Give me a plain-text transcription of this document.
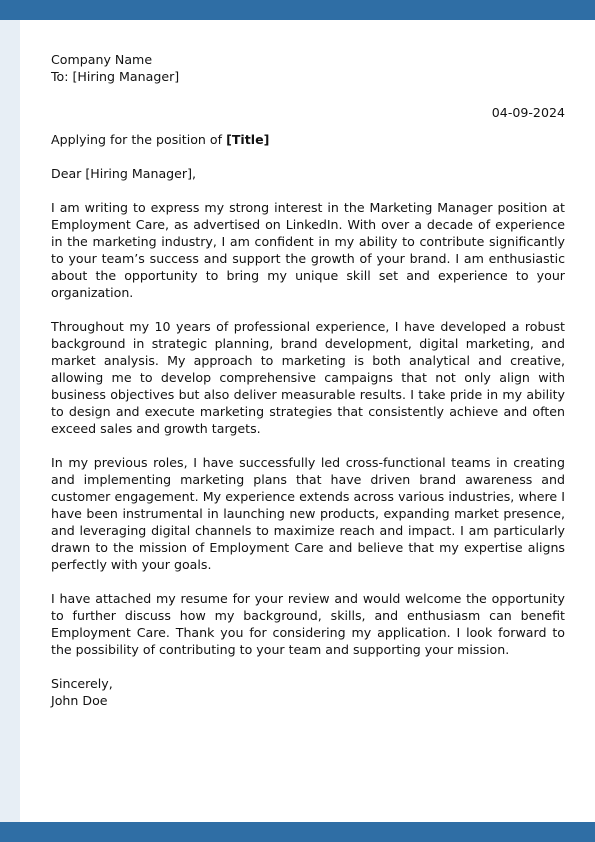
Company Name

To: [Hiring Manager]

04-09-2024

Applying for the position of [Title]

Dear [Hiring Manager],

I am writing to express my strong interest in the Marketing Manager position at Employment Care, as advertised on LinkedIn. With over a decade of experience in the marketing industry, I am confident in my ability to contribute significantly to your team’s success and support the growth of your brand. I am enthusiastic about the opportunity to bring my unique skill set and experience to your organization.

Throughout my 10 years of professional experience, I have developed a robust background in strategic planning, brand development, digital marketing, and market analysis. My approach to marketing is both analytical and creative, allowing me to develop comprehensive campaigns that not only align with business objectives but also deliver measurable results. I take pride in my ability to design and execute marketing strategies that consistently achieve and often exceed sales and growth targets.

In my previous roles, I have successfully led cross-functional teams in creating and implementing marketing plans that have driven brand awareness and customer engagement. My experience extends across various industries, where I have been instrumental in launching new products, expanding market presence, and leveraging digital channels to maximize reach and impact. I am particularly drawn to the mission of Employment Care and believe that my expertise aligns perfectly with your goals.

I have attached my resume for your review and would welcome the opportunity to further discuss how my background, skills, and enthusiasm can benefit Employment Care. Thank you for considering my application. I look forward to the possibility of contributing to your team and supporting your mission.

Sincerely,

John Doe
